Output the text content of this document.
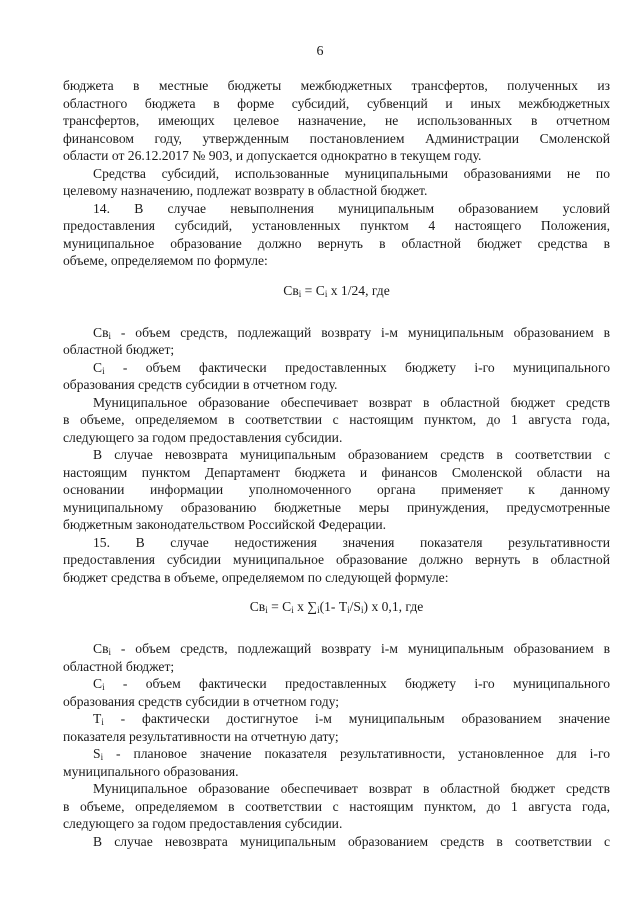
6
бюджета в местные бюджеты межбюджетных трансфертов, полученных из
областного бюджета в форме субсидий, субвенций и иных межбюджетных
трансфертов, имеющих целевое назначение, не использованных в отчетном
финансовом году, утвержденным постановлением Администрации Смоленской
области от 26.12.2017 № 903, и допускается однократно в текущем году.
Средства субсидий, использованные муниципальными образованиями не по
целевому назначению, подлежат возврату в областной бюджет.
14. В случае невыполнения муниципальным образованием условий
предоставления субсидий, установленных пунктом 4 настоящего Положения,
муниципальное образование должно вернуть в областной бюджет средства в
объеме, определяемом по формуле:
$Св_i = С_i$ х 1/24, где
$Св_i$ - объем средств, подлежащий возврату i-м муниципальным образованием в
областной бюджет;
$С_i$ - объем фактически предоставленных бюджету i-го муниципального
образования средств субсидии в отчетном году.
Муниципальное образование обеспечивает возврат в областной бюджет средств
в объеме, определяемом в соответствии с настоящим пунктом, до 1 августа года,
следующего за годом предоставления субсидии.
В случае невозврата муниципальным образованием средств в соответствии с
настоящим пунктом Департамент бюджета и финансов Смоленской области на
основании информации уполномоченного органа применяет к данному
муниципальному образованию бюджетные меры принуждения, предусмотренные
бюджетным законодательством Российской Федерации.
15. В случае недостижения значения показателя результативности
предоставления субсидии муниципальное образование должно вернуть в областной
бюджет средства в объеме, определяемом по следующей формуле:
$Св_i = С_i$ х $\sum_i(1-$ $Т_i/S_i$) х 0,1, где
$Св_i$ - объем средств, подлежащий возврату i-м муниципальным образованием в
областной бюджет;
$С_i$ - объем фактически предоставленных бюджету i-го муниципального
образования средств субсидии в отчетном году;
$Т_i$ - фактически достигнутое i-м муниципальным образованием значение
показателя результативности на отчетную дату;
$S_i$ - плановое значение показателя результативности, установленное для i-го
муниципального образования.
Муниципальное образование обеспечивает возврат в областной бюджет средств
в объеме, определяемом в соответствии с настоящим пунктом, до 1 августа года,
следующего за годом предоставления субсидии.
В случае невозврата муниципальным образованием средств в соответствии с
